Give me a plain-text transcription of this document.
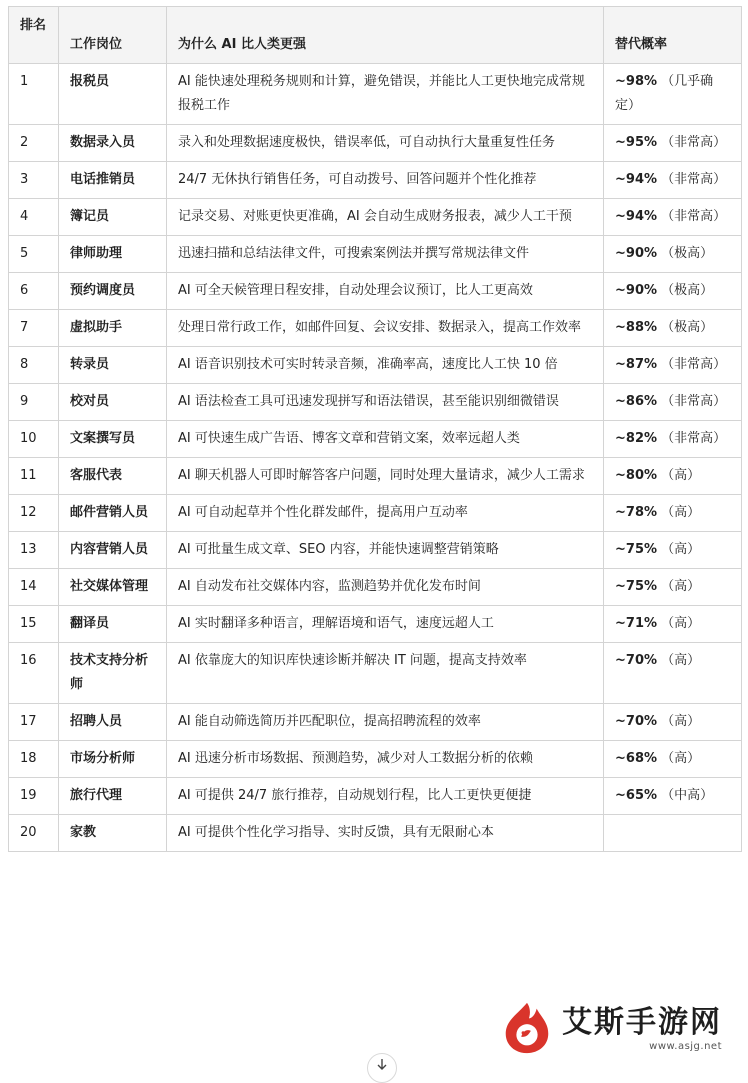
排名	工作岗位	为什么 AI 比人类更强	替代概率
1	报税员	AI 能快速处理税务规则和计算，避免错误，并能比人工更快地完成常规报税工作	~98% （几乎确定）
2	数据录入员	录入和处理数据速度极快，错误率低，可自动执行大量重复性任务	~95% （非常高）
3	电话推销员	24/7 无休执行销售任务，可自动拨号、回答问题并个性化推荐	~94% （非常高）
4	簿记员	记录交易、对账更快更准确，AI 会自动生成财务报表，减少人工干预	~94% （非常高）
5	律师助理	迅速扫描和总结法律文件，可搜索案例法并撰写常规法律文件	~90% （极高）
6	预约调度员	AI 可全天候管理日程安排，自动处理会议预订，比人工更高效	~90% （极高）
7	虚拟助手	处理日常行政工作，如邮件回复、会议安排、数据录入，提高工作效率	~88% （极高）
8	转录员	AI 语音识别技术可实时转录音频，准确率高，速度比人工快 10 倍	~87% （非常高）
9	校对员	AI 语法检查工具可迅速发现拼写和语法错误，甚至能识别细微错误	~86% （非常高）
10	文案撰写员	AI 可快速生成广告语、博客文章和营销文案，效率远超人类	~82% （非常高）
11	客服代表	AI 聊天机器人可即时解答客户问题，同时处理大量请求，减少人工需求	~80% （高）
12	邮件营销人员	AI 可自动起草并个性化群发邮件，提高用户互动率	~78% （高）
13	内容营销人员	AI 可批量生成文章、SEO 内容，并能快速调整营销策略	~75% （高）
14	社交媒体管理	AI 自动发布社交媒体内容，监测趋势并优化发布时间	~75% （高）
15	翻译员	AI 实时翻译多种语言，理解语境和语气，速度远超人工	~71% （高）
16	技术支持分析师	AI 依靠庞大的知识库快速诊断并解决 IT 问题，提高支持效率	~70% （高）
17	招聘人员	AI 能自动筛选简历并匹配职位，提高招聘流程的效率	~70% （高）
18	市场分析师	AI 迅速分析市场数据、预测趋势，减少对人工数据分析的依赖	~68% （高）
19	旅行代理	AI 可提供 24/7 旅行推荐，自动规划行程，比人工更快更便捷	~65% （中高）
20	家教	AI 可提供个性化学习指导、实时反馈，具有无限耐心本	
艾斯手游网
www.asjg.net
